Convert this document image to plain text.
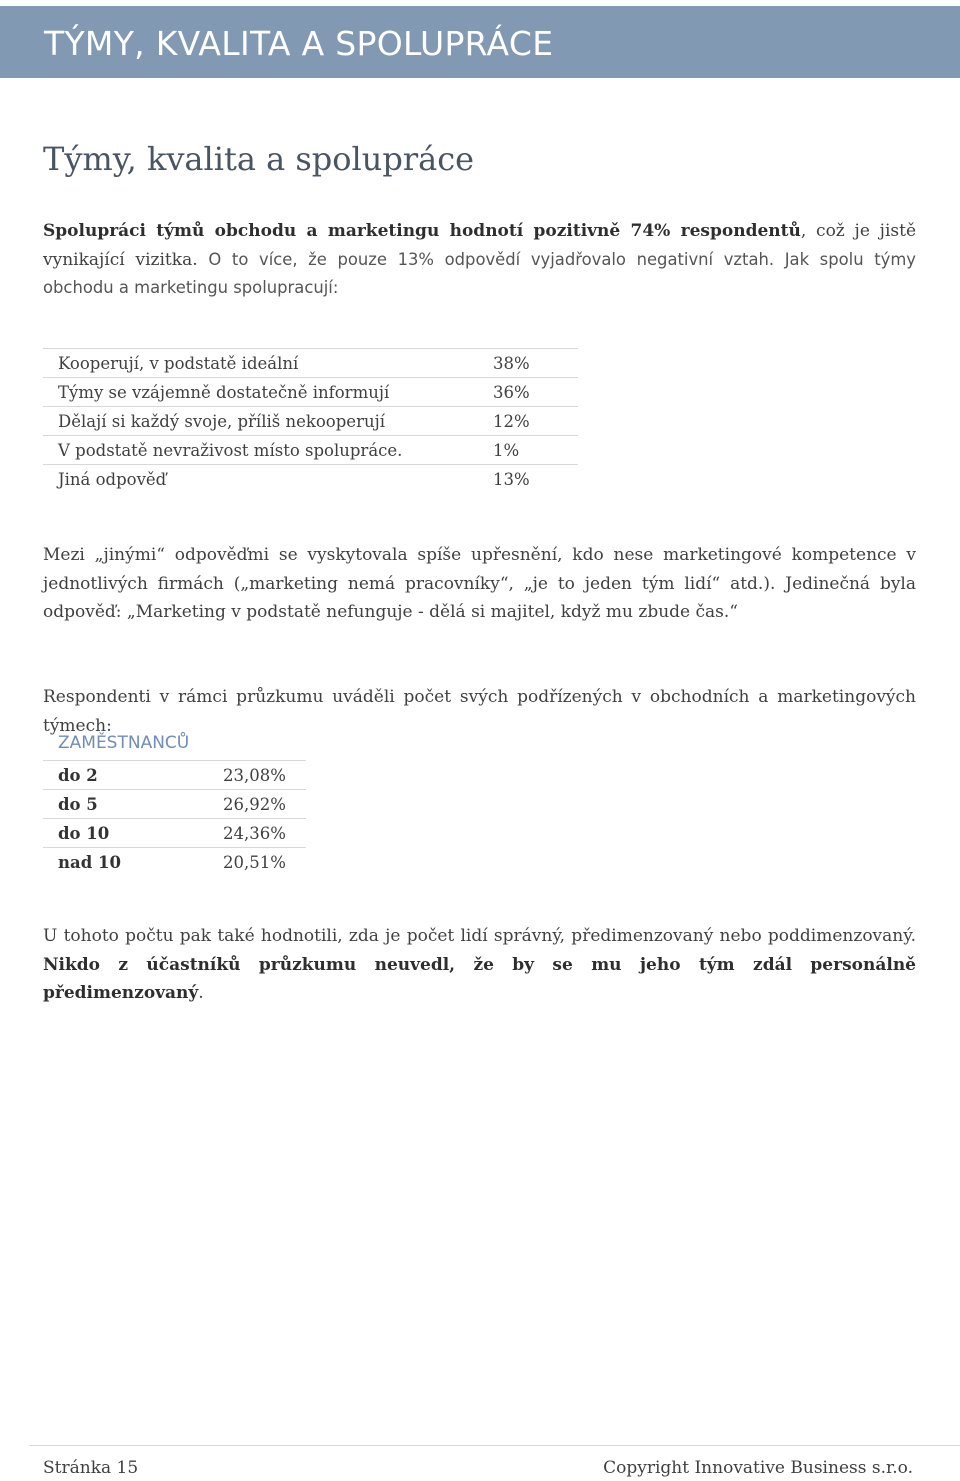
TÝMY, KVALITA A SPOLUPRÁCE
Týmy, kvalita a spolupráce
Spolupráci týmů obchodu a marketingu hodnotí pozitivně 74% respondentů, což je jistě vynikající vizitka. O to více, že pouze 13% odpovědí vyjadřovalo negativní vztah. Jak spolu týmy obchodu a marketingu spolupracují:
Kooperují, v podstatě ideální	38%
Týmy se vzájemně dostatečně informují	36%
Dělají si každý svoje, příliš nekooperují	12%
V podstatě nevraživost místo spolupráce.	1%
Jiná odpověď	13%
Mezi „jinými“ odpověďmi se vyskytovala spíše upřesnění, kdo nese marketingové kompetence v jednotlivých firmách („marketing nemá pracovníky“, „je to jeden tým lidí“ atd.). Jedinečná byla odpověď: „Marketing v podstatě nefunguje - dělá si majitel, když mu zbude čas.“
Respondenti v rámci průzkumu uváděli počet svých podřízených v obchodních a marketingových týmech:
ZAMĚSTNANCŮ
do 2	23,08%
do 5	26,92%
do 10	24,36%
nad 10	20,51%
U tohoto počtu pak také hodnotili, zda je počet lidí správný, předimenzovaný nebo poddimenzovaný. Nikdo z účastníků průzkumu neuvedl, že by se mu jeho tým zdál personálně předimenzovaný.
Stránka 15	Copyright Innovative Business s.r.o.
